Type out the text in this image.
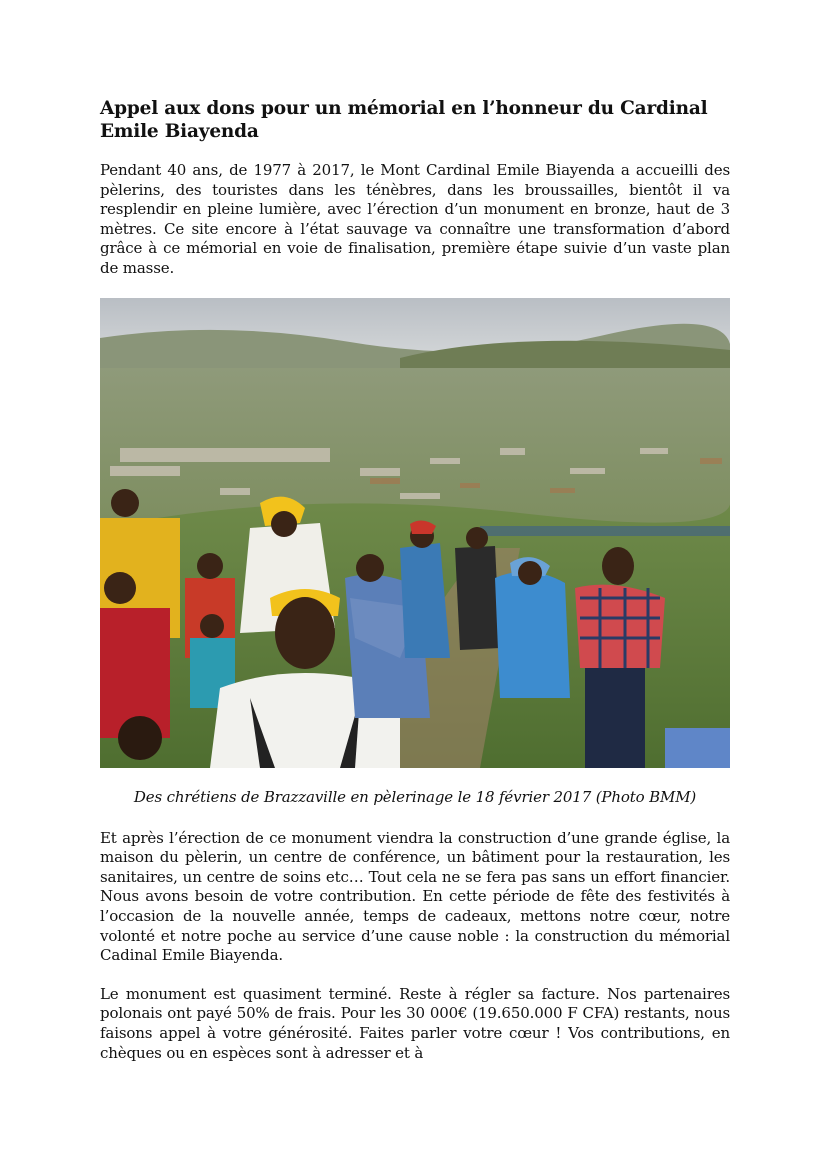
Appel aux dons pour un mémorial en l’honneur du Cardinal Emile Biayenda

Pendant 40 ans, de 1977 à 2017, le Mont Cardinal Emile Biayenda a accueilli des pèlerins, des touristes dans les ténèbres, dans les broussailles, bientôt il va resplendir en pleine lumière, avec l’érection d’un monument en bronze, haut de 3 mètres. Ce site encore à l’état sauvage va connaître une transformation d’abord grâce à ce mémorial en voie de finalisation, première étape suivie d’un vaste plan de masse.

Des chrétiens de Brazzaville en pèlerinage le 18 février 2017 (Photo BMM)

Et après l’érection de ce monument viendra la construction d’une grande église, la maison du pèlerin, un centre de conférence, un bâtiment pour la restauration, les sanitaires, un centre de soins etc… Tout cela ne se fera pas sans un effort financier. Nous avons besoin de votre contribution. En cette période de fête des festivités à l’occasion de la nouvelle année, temps de cadeaux, mettons notre cœur, notre volonté et notre poche au service d’une cause noble : la construction du mémorial Cadinal Emile Biayenda.

Le monument est quasiment terminé. Reste à régler sa facture. Nos partenaires polonais ont payé 50% de frais. Pour les 30 000€ (19.650.000 F CFA) restants, nous faisons appel à votre générosité. Faites parler votre cœur ! Vos contributions, en chèques ou en espèces sont à adresser et à
